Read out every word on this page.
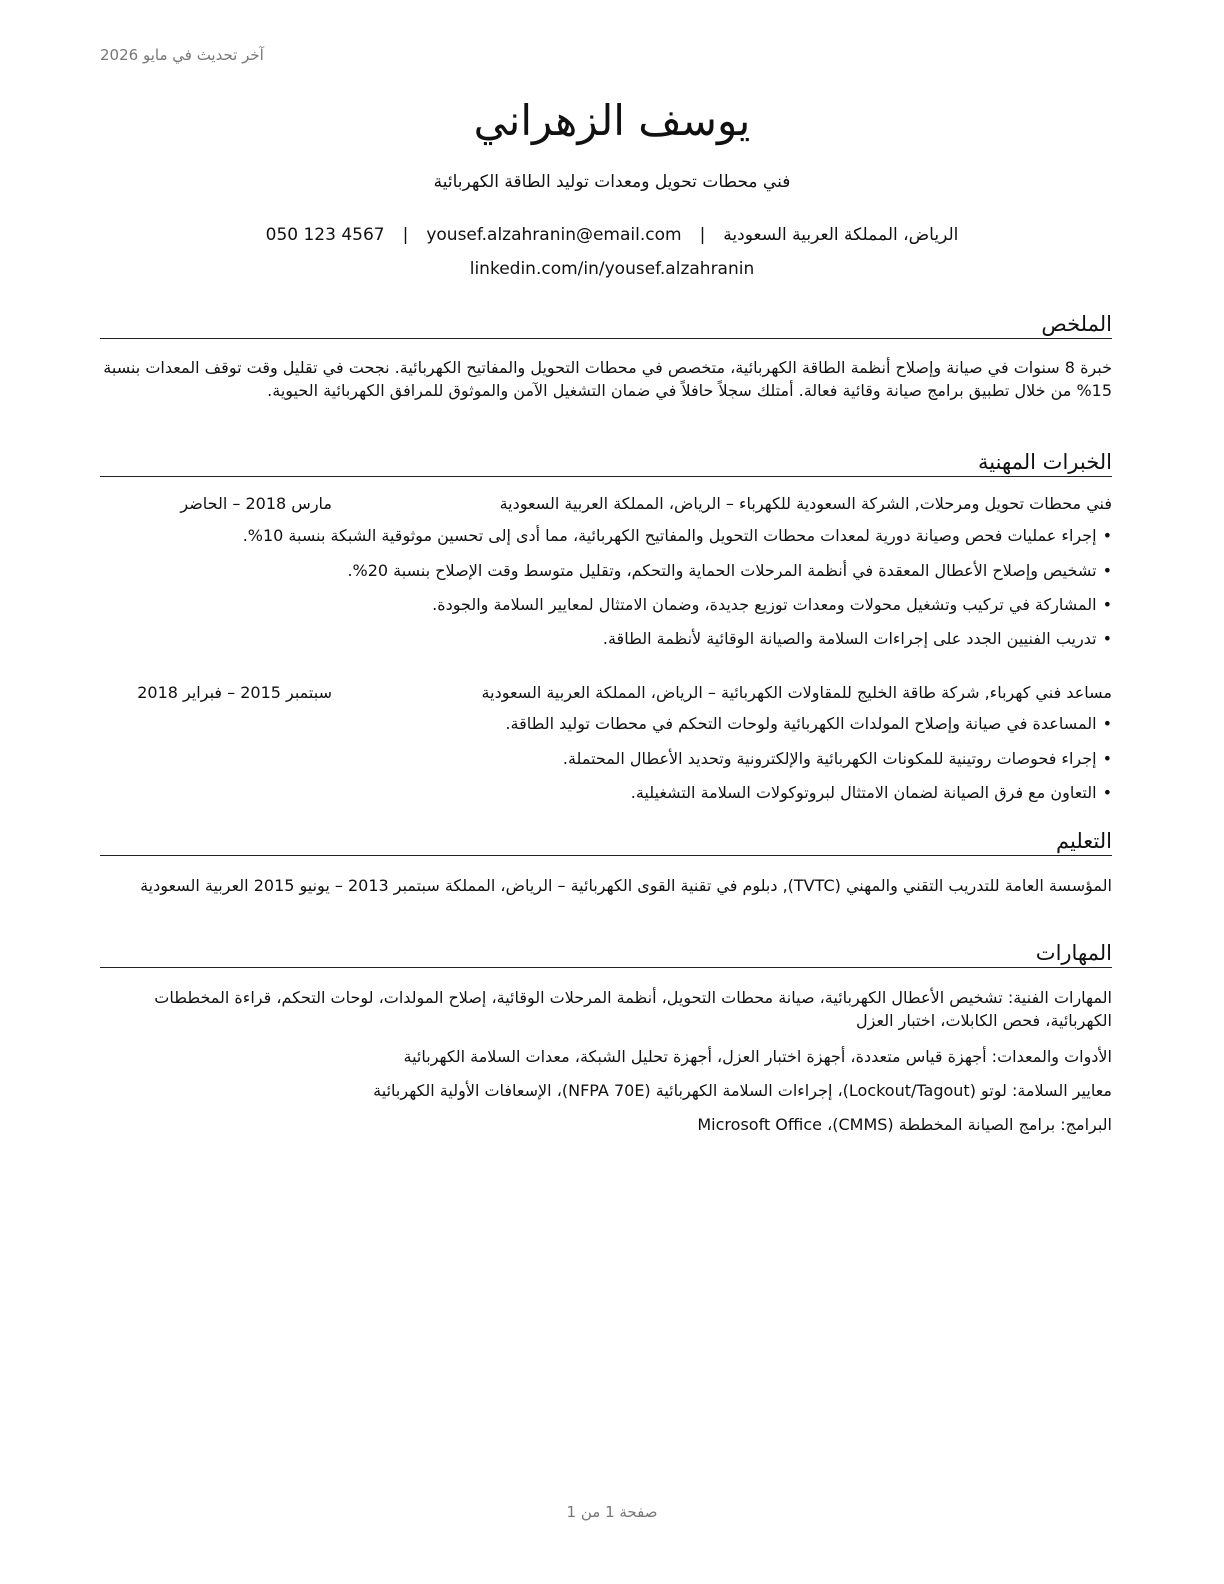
آخر تحديث في مايو 2026
يوسف الزهراني
فني محطات تحويل ومعدات توليد الطاقة الكهربائية
الرياض، المملكة العربية السعودية|yousef.alzahranin@email.com|050 123 4567
linkedin.com/in/yousef.alzahranin
الملخص
خبرة 8 سنوات في صيانة وإصلاح أنظمة الطاقة الكهربائية، متخصص في محطات التحويل والمفاتيح الكهربائية. نجحت في تقليل وقت توقف المعدات بنسبة 15% من خلال تطبيق برامج صيانة وقائية فعالة. أمتلك سجلاً حافلاً في ضمان التشغيل الآمن والموثوق للمرافق الكهربائية الحيوية.
الخبرات المهنية
فني محطات تحويل ومرحلات, الشركة السعودية للكهرباء – الرياض، المملكة العربية السعودية
مارس 2018 – الحاضر
•إجراء عمليات فحص وصيانة دورية لمعدات محطات التحويل والمفاتيح الكهربائية، مما أدى إلى تحسين موثوقية الشبكة بنسبة 10%.
•تشخيص وإصلاح الأعطال المعقدة في أنظمة المرحلات الحماية والتحكم، وتقليل متوسط وقت الإصلاح بنسبة 20%.
•المشاركة في تركيب وتشغيل محولات ومعدات توزيع جديدة، وضمان الامتثال لمعايير السلامة والجودة.
•تدريب الفنيين الجدد على إجراءات السلامة والصيانة الوقائية لأنظمة الطاقة.
مساعد فني كهرباء, شركة طاقة الخليج للمقاولات الكهربائية – الرياض، المملكة العربية السعودية
سبتمبر 2015 – فبراير 2018
•المساعدة في صيانة وإصلاح المولدات الكهربائية ولوحات التحكم في محطات توليد الطاقة.
•إجراء فحوصات روتينية للمكونات الكهربائية والإلكترونية وتحديد الأعطال المحتملة.
•التعاون مع فرق الصيانة لضمان الامتثال لبروتوكولات السلامة التشغيلية.
التعليم
المؤسسة العامة للتدريب التقني والمهني (TVTC), دبلوم في تقنية القوى الكهربائية – الرياض، المملكة سبتمبر 2013 – يونيو 2015 العربية السعودية
المهارات
المهارات الفنية: تشخيص الأعطال الكهربائية، صيانة محطات التحويل، أنظمة المرحلات الوقائية، إصلاح المولدات، لوحات التحكم، قراءة المخططات الكهربائية، فحص الكابلات، اختبار العزل
الأدوات والمعدات: أجهزة قياس متعددة، أجهزة اختبار العزل، أجهزة تحليل الشبكة، معدات السلامة الكهربائية
معايير السلامة: لوتو (Lockout/Tagout)، إجراءات السلامة الكهربائية (NFPA 70E)، الإسعافات الأولية الكهربائية
البرامج: برامج الصيانة المخططة (CMMS)، Microsoft Office
صفحة 1 من 1
